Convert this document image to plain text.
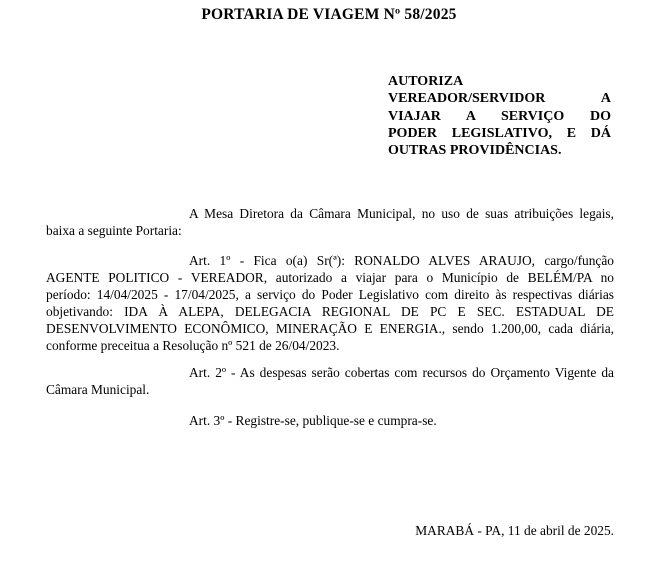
PORTARIA DE VIAGEM Nº 58/2025
AUTORIZA
VEREADOR/SERVIDOR A
VIAJAR A SERVIÇO DO
PODER LEGISLATIVO, E DÁ
OUTRAS PROVIDÊNCIAS.
A Mesa Diretora da Câmara Municipal, no uso de suas atribuições legais,
baixa a seguinte Portaria:
Art. 1º - Fica o(a) Sr(ª): RONALDO ALVES ARAUJO, cargo/função
AGENTE POLITICO - VEREADOR, autorizado a viajar para o Município de BELÉM/PA no
período: 14/04/2025 - 17/04/2025, a serviço do Poder Legislativo com direito às respectivas diárias
objetivando: IDA À ALEPA, DELEGACIA REGIONAL DE PC E SEC. ESTADUAL DE
DESENVOLVIMENTO ECONÔMICO, MINERAÇÃO E ENERGIA., sendo 1.200,00, cada diária,
conforme preceitua a Resolução nº 521 de 26/04/2023.
Art. 2º - As despesas serão cobertas com recursos do Orçamento Vigente da
Câmara Municipal.
Art. 3º - Registre-se, publique-se e cumpra-se.
MARABÁ - PA, 11 de abril de 2025.
